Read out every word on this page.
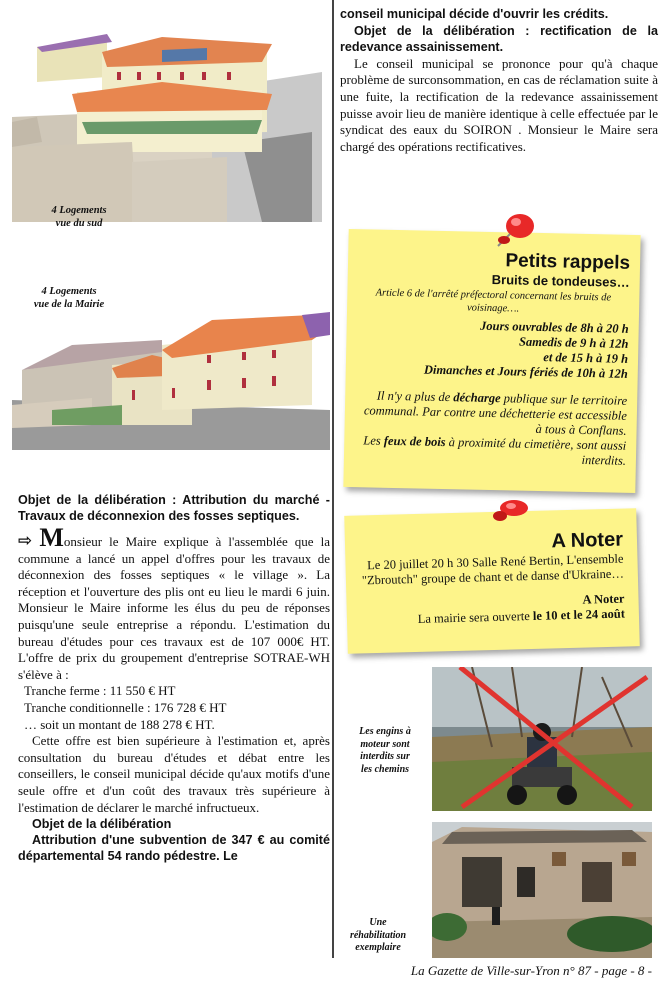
4 Logements
vue du sud
4 Logements
vue de la Mairie
Objet de la délibération : Attribution du marché - Travaux de déconnexion des fosses septiques.

⇨ Monsieur le Maire explique à l'assemblée que la commune a lancé un appel d'offres pour les travaux de déconnexion des fosses septiques « le village ». La réception et l'ouverture des plis ont eu lieu le mardi 6 juin. Monsieur le Maire informe les élus du peu de réponses puisqu'une seule entreprise a répondu. L'estimation du bureau d'études pour ces travaux est de 107 000€ HT. L'offre de prix du groupement d'entreprise SOTRAE-WH s'élève à :

Tranche ferme : 11 550 € HT

Tranche conditionnelle : 176 728 € HT

… soit un montant de 188 278 € HT.

Cette offre est bien supérieure à l'estimation et, après consultation du bureau d'études et débat entre les conseillers, le conseil municipal décide qu'aux motifs d'une seule offre et d'un coût des travaux très supérieure à l'estimation de déclarer le marché infructueux.

Objet de la délibération

Attribution d'une subvention de 347 € au comité départemental 54 rando pédestre. Le

conseil municipal décide d'ouvrir les crédits.

Objet de la délibération : rectification de la redevance assainissement.

Le conseil municipal se prononce pour qu'à chaque problème de surconsommation, en cas de réclamation suite à une fuite, la rectification de la redevance assainissement puisse avoir lieu de manière identique à celle effectuée par le syndicat des eaux du SOIRON . Monsieur le Maire sera chargé des opérations rectificatives.

Petits rappels
Bruits de tondeuses…
Article 6 de l'arrêté préfectoral concernant les bruits de voisinage….
Jours ouvrables de 8h à 20 h
Samedis de 9 h à 12h
et de 15 h à 19 h
Dimanches et Jours fériés de 10h à 12h
Il n'y a plus de décharge publique sur le territoire communal. Par contre une déchetterie est accessible à tous à Conflans.
Les feux de bois à proximité du cimetière, sont aussi interdits.
A Noter
Le 20 juillet 20 h 30 Salle René Bertin, L'ensemble "Zbroutch" groupe de chant et de danse d'Ukraine…
A Noter
La mairie sera ouverte le 10 et le 24 août
Les engins à
moteur sont
interdits sur
les chemins
Une
réhabilitation
exemplaire
La Gazette de Ville-sur-Yron n° 87 - page - 8 -
